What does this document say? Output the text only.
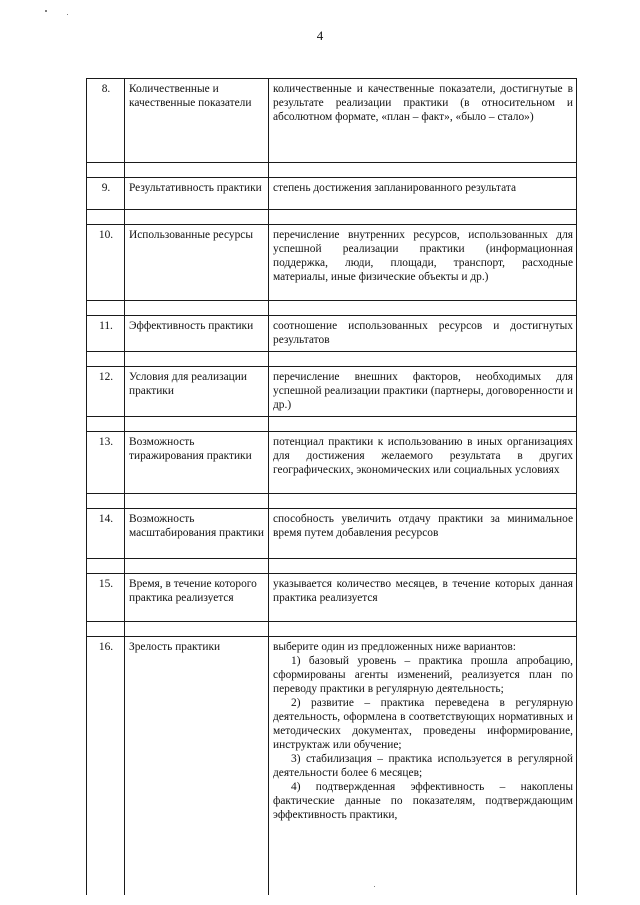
4
8.	Количественные и качественные показатели	количественные и качественные показатели, достигнутые в результате реализации практики (в относительном и абсолютном формате, «план – факт», «было – стало»)

9.	Результативность практики	степень достижения запланированного результата

10.	Использованные ресурсы	перечисление внутренних ресурсов, использованных для успешной реализации практики (информационная поддержка, люди, площади, транспорт, расходные материалы, иные физические объекты и др.)

11.	Эффективность практики	соотношение использованных ресурсов и достигнутых результатов

12.	Условия для реализации практики	перечисление внешних факторов, необходимых для успешной реализации практики (партнеры, договоренности и др.)

13.	Возможность тиражирования практики	потенциал практики к использованию в иных организациях для достижения желаемого результата в других географических, экономических или социальных условиях

14.	Возможность масштабирования практики	способность увеличить отдачу практики за минимальное время путем добавления ресурсов

15.	Время, в течение которого практика реализуется	указывается количество месяцев, в течение которых данная практика реализуется

16.	Зрелость практики	выберите один из предложенных ниже вариантов:
1) базовый уровень – практика прошла апробацию, сформированы агенты изменений, реализуется план по переводу практики в регулярную деятельность;
2) развитие – практика переведена в регулярную деятельность, оформлена в соответствующих нормативных и методических документах, проведены информирование, инструктаж или обучение;
3) стабилизация – практика используется в регулярной деятельности более 6 месяцев;
4) подтвержденная эффективность – накоплены фактические данные по показателям, подтверждающим эффективность практики,
